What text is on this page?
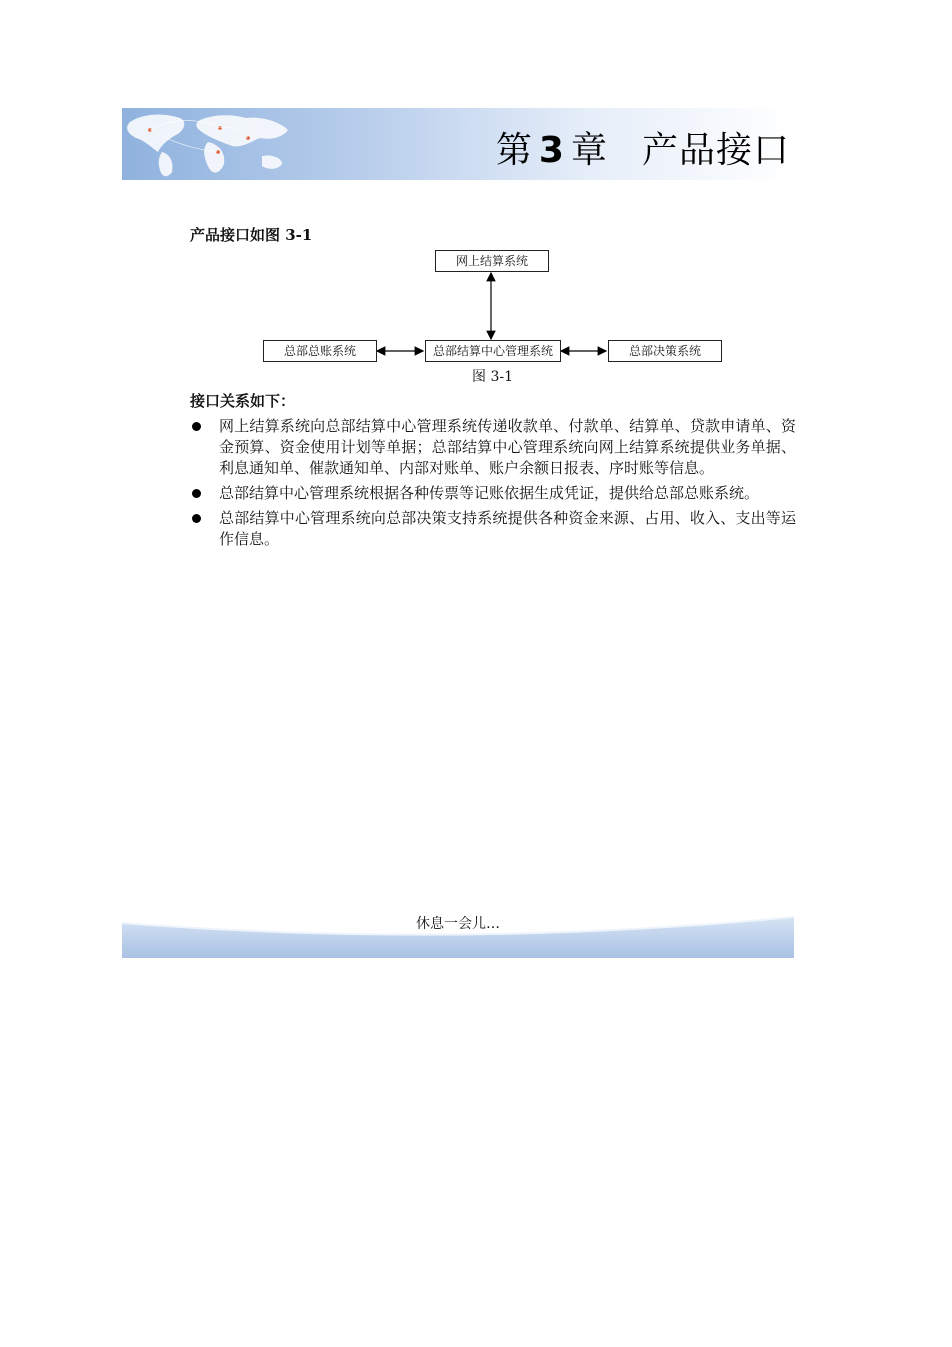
第 3 章 产品接口

产品接口如图 3-1

网上结算系统
总部总账系统	总部结算中心管理系统	总部决策系统

图 3-1

接口关系如下：

网上结算系统向总部结算中心管理系统传递收款单、付款单、结算单、贷款申请单、资金预算、资金使用计划等单据；总部结算中心管理系统向网上结算系统提供业务单据、利息通知单、催款通知单、内部对账单、账户余额日报表、序时账等信息。
总部结算中心管理系统根据各种传票等记账依据生成凭证，提供给总部总账系统。
总部结算中心管理系统向总部决策支持系统提供各种资金来源、占用、收入、支出等运作信息。

休息一会儿…
